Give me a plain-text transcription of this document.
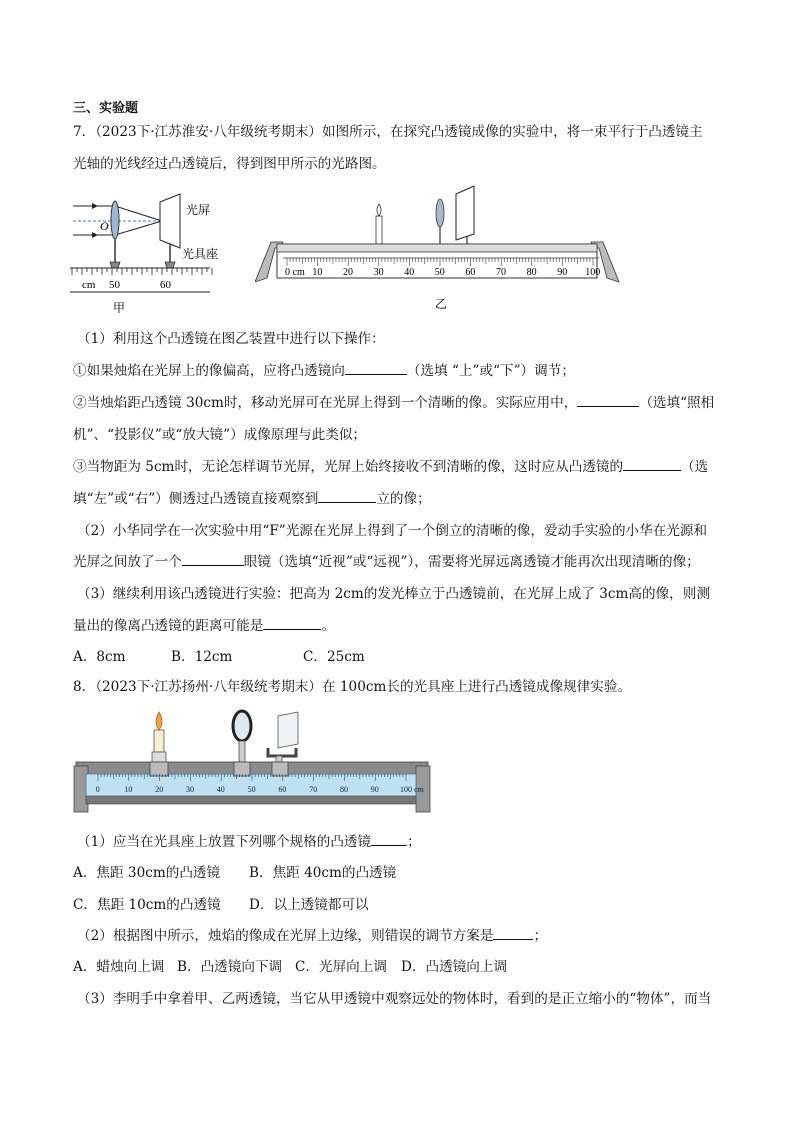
三、实验题
7．（2023下·江苏淮安·八年级统考期末）如图所示，在探究凸透镜成像的实验中，将一束平行于凸透镜主
光轴的光线经过凸透镜后，得到图甲所示的光路图。
O
光屏
光具座
cm 50	60
甲
0 cm 10 20 30 40 50 60 70 80 90 100
乙
（1）利用这个凸透镜在图乙装置中进行以下操作：
①如果烛焰在光屏上的像偏高，应将凸透镜向	（选填 “上”或“下”）调节；
②当烛焰距凸透镜 30cm时，移动光屏可在光屏上得到一个清晰的像。实际应用中，	（选填“照相
机”、“投影仪”或“放大镜”）成像原理与此类似；
③当物距为 5cm时，无论怎样调节光屏，光屏上始终接收不到清晰的像，这时应从凸透镜的	（选
填“左”或“右”）侧透过凸透镜直接观察到	立的像；
（2）小华同学在一次实验中用“F”光源在光屏上得到了一个倒立的清晰的像，爱动手实验的小华在光源和
光屏之间放了一个	眼镜（选填“近视”或“远视”），需要将光屏远离透镜才能再次出现清晰的像；
（3）继续利用该凸透镜进行实验：把高为 2cm的发光棒立于凸透镜前，在光屏上成了 3cm高的像，则测
量出的像离凸透镜的距离可能是	。
A．8cm	B．12cm	C．25cm
8．（2023下·江苏扬州·八年级统考期末）在 100cm长的光具座上进行凸透镜成像规律实验。
0	10	20	30	40	50	60	70	80	90	100 cm
（1）应当在光具座上放置下列哪个规格的凸透镜	；
A．焦距 30cm的凸透镜 B．焦距 40cm的凸透镜
C．焦距 10cm的凸透镜 D．以上透镜都可以
（2）根据图中所示，烛焰的像成在光屏上边缘，则错误的调节方案是	；
A．蜡烛向上调 B．凸透镜向下调 C．光屏向上调 D．凸透镜向上调
（3）李明手中拿着甲、乙两透镜，当它从甲透镜中观察远处的物体时，看到的是正立缩小的“物体”，而当
